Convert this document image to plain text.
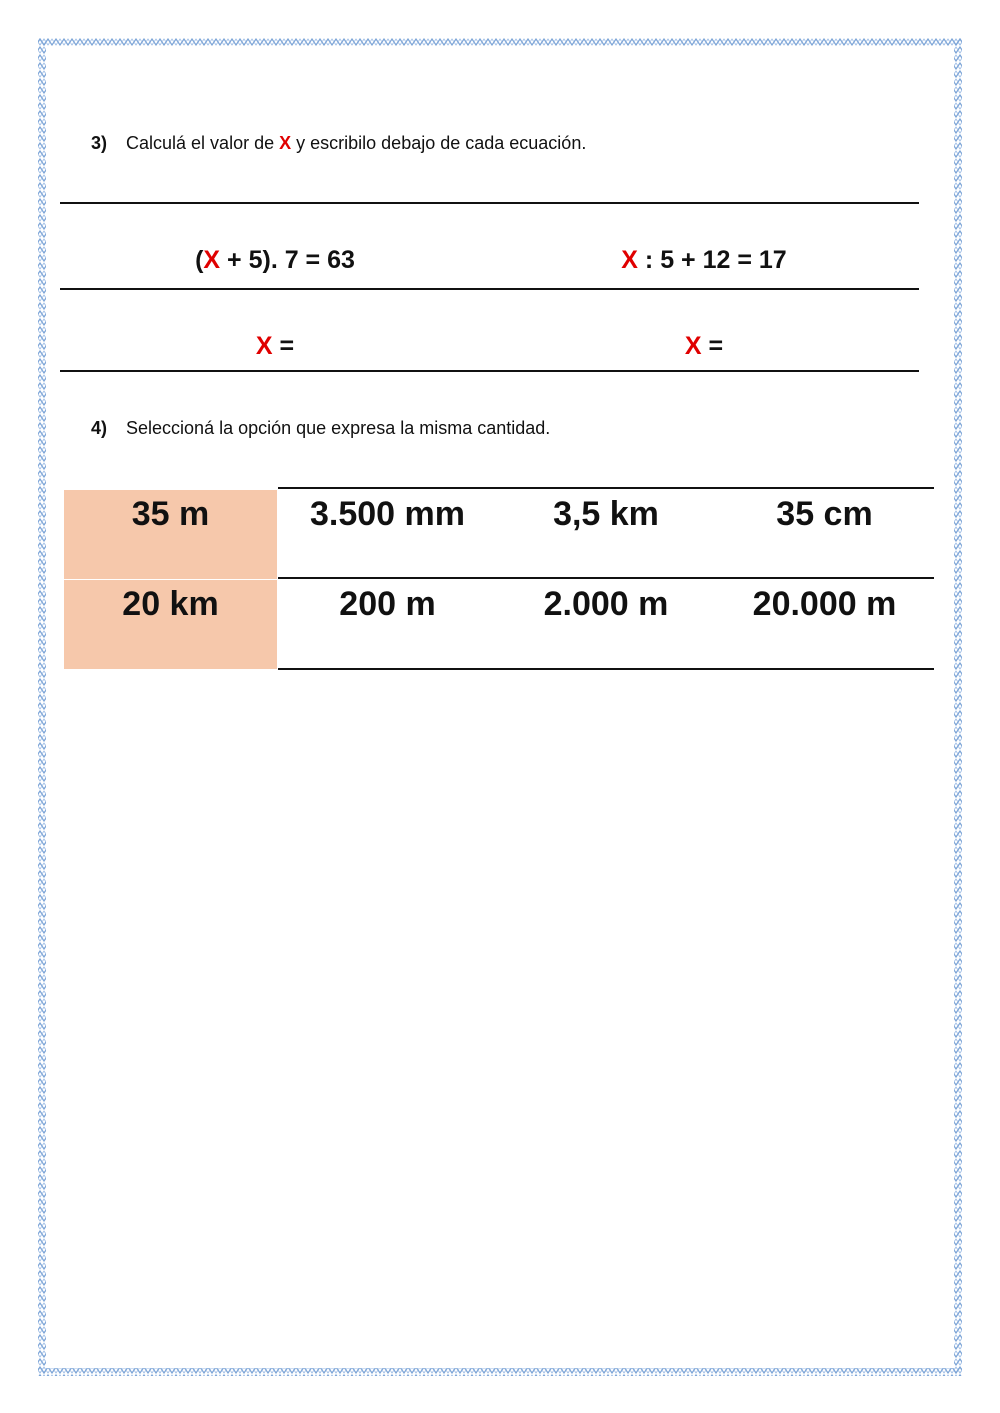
3) Calculá el valor de X y escribilo debajo de cada ecuación.
(X + 5). 7 = 63	X : 5 + 12 = 17
X =	X =
4) Seleccioná la opción que expresa la misma cantidad.
35 m	3.500 mm	3,5 km	35 cm
20 km	200 m	2.000 m	20.000 m
